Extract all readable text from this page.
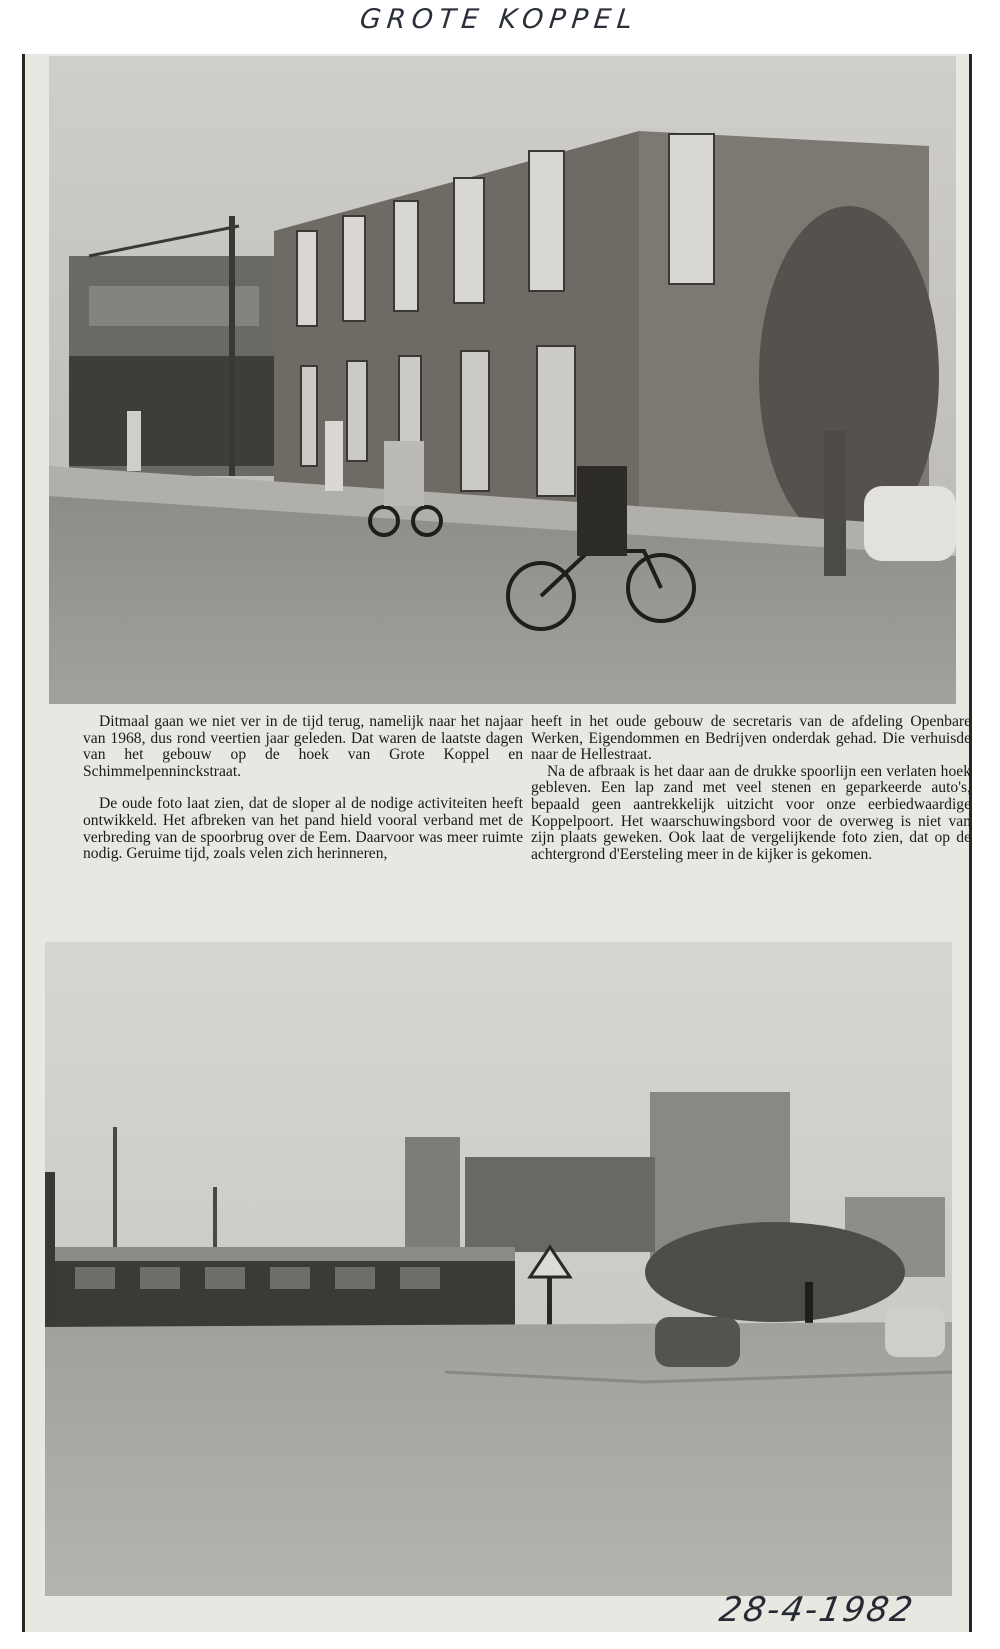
GROTE KOPPEL

Ditmaal gaan we niet ver in de tijd terug, namelijk naar het najaar van 1968, dus rond veertien jaar geleden. Dat waren de laatste dagen van het gebouw op de hoek van Grote Koppel en Schimmelpenninckstraat.

De oude foto laat zien, dat de sloper al de nodige activiteiten heeft ontwikkeld. Het afbreken van het pand hield vooral verband met de verbreding van de spoorbrug over de Eem. Daarvoor was meer ruimte nodig. Geruime tijd, zoals velen zich herinneren,

heeft in het oude gebouw de secretaris van de afdeling Openbare Werken, Eigendommen en Bedrijven onderdak gehad. Die verhuisde naar de Hellestraat.

Na de afbraak is het daar aan de drukke spoorlijn een verlaten hoek gebleven. Een lap zand met veel stenen en geparkeerde auto's, bepaald geen aantrekkelijk uitzicht voor onze eerbiedwaardige Koppelpoort. Het waarschuwingsbord voor de overweg is niet van zijn plaats geweken. Ook laat de vergelijkende foto zien, dat op de achtergrond d'Eersteling meer in de kijker is gekomen.

28-4-1982
